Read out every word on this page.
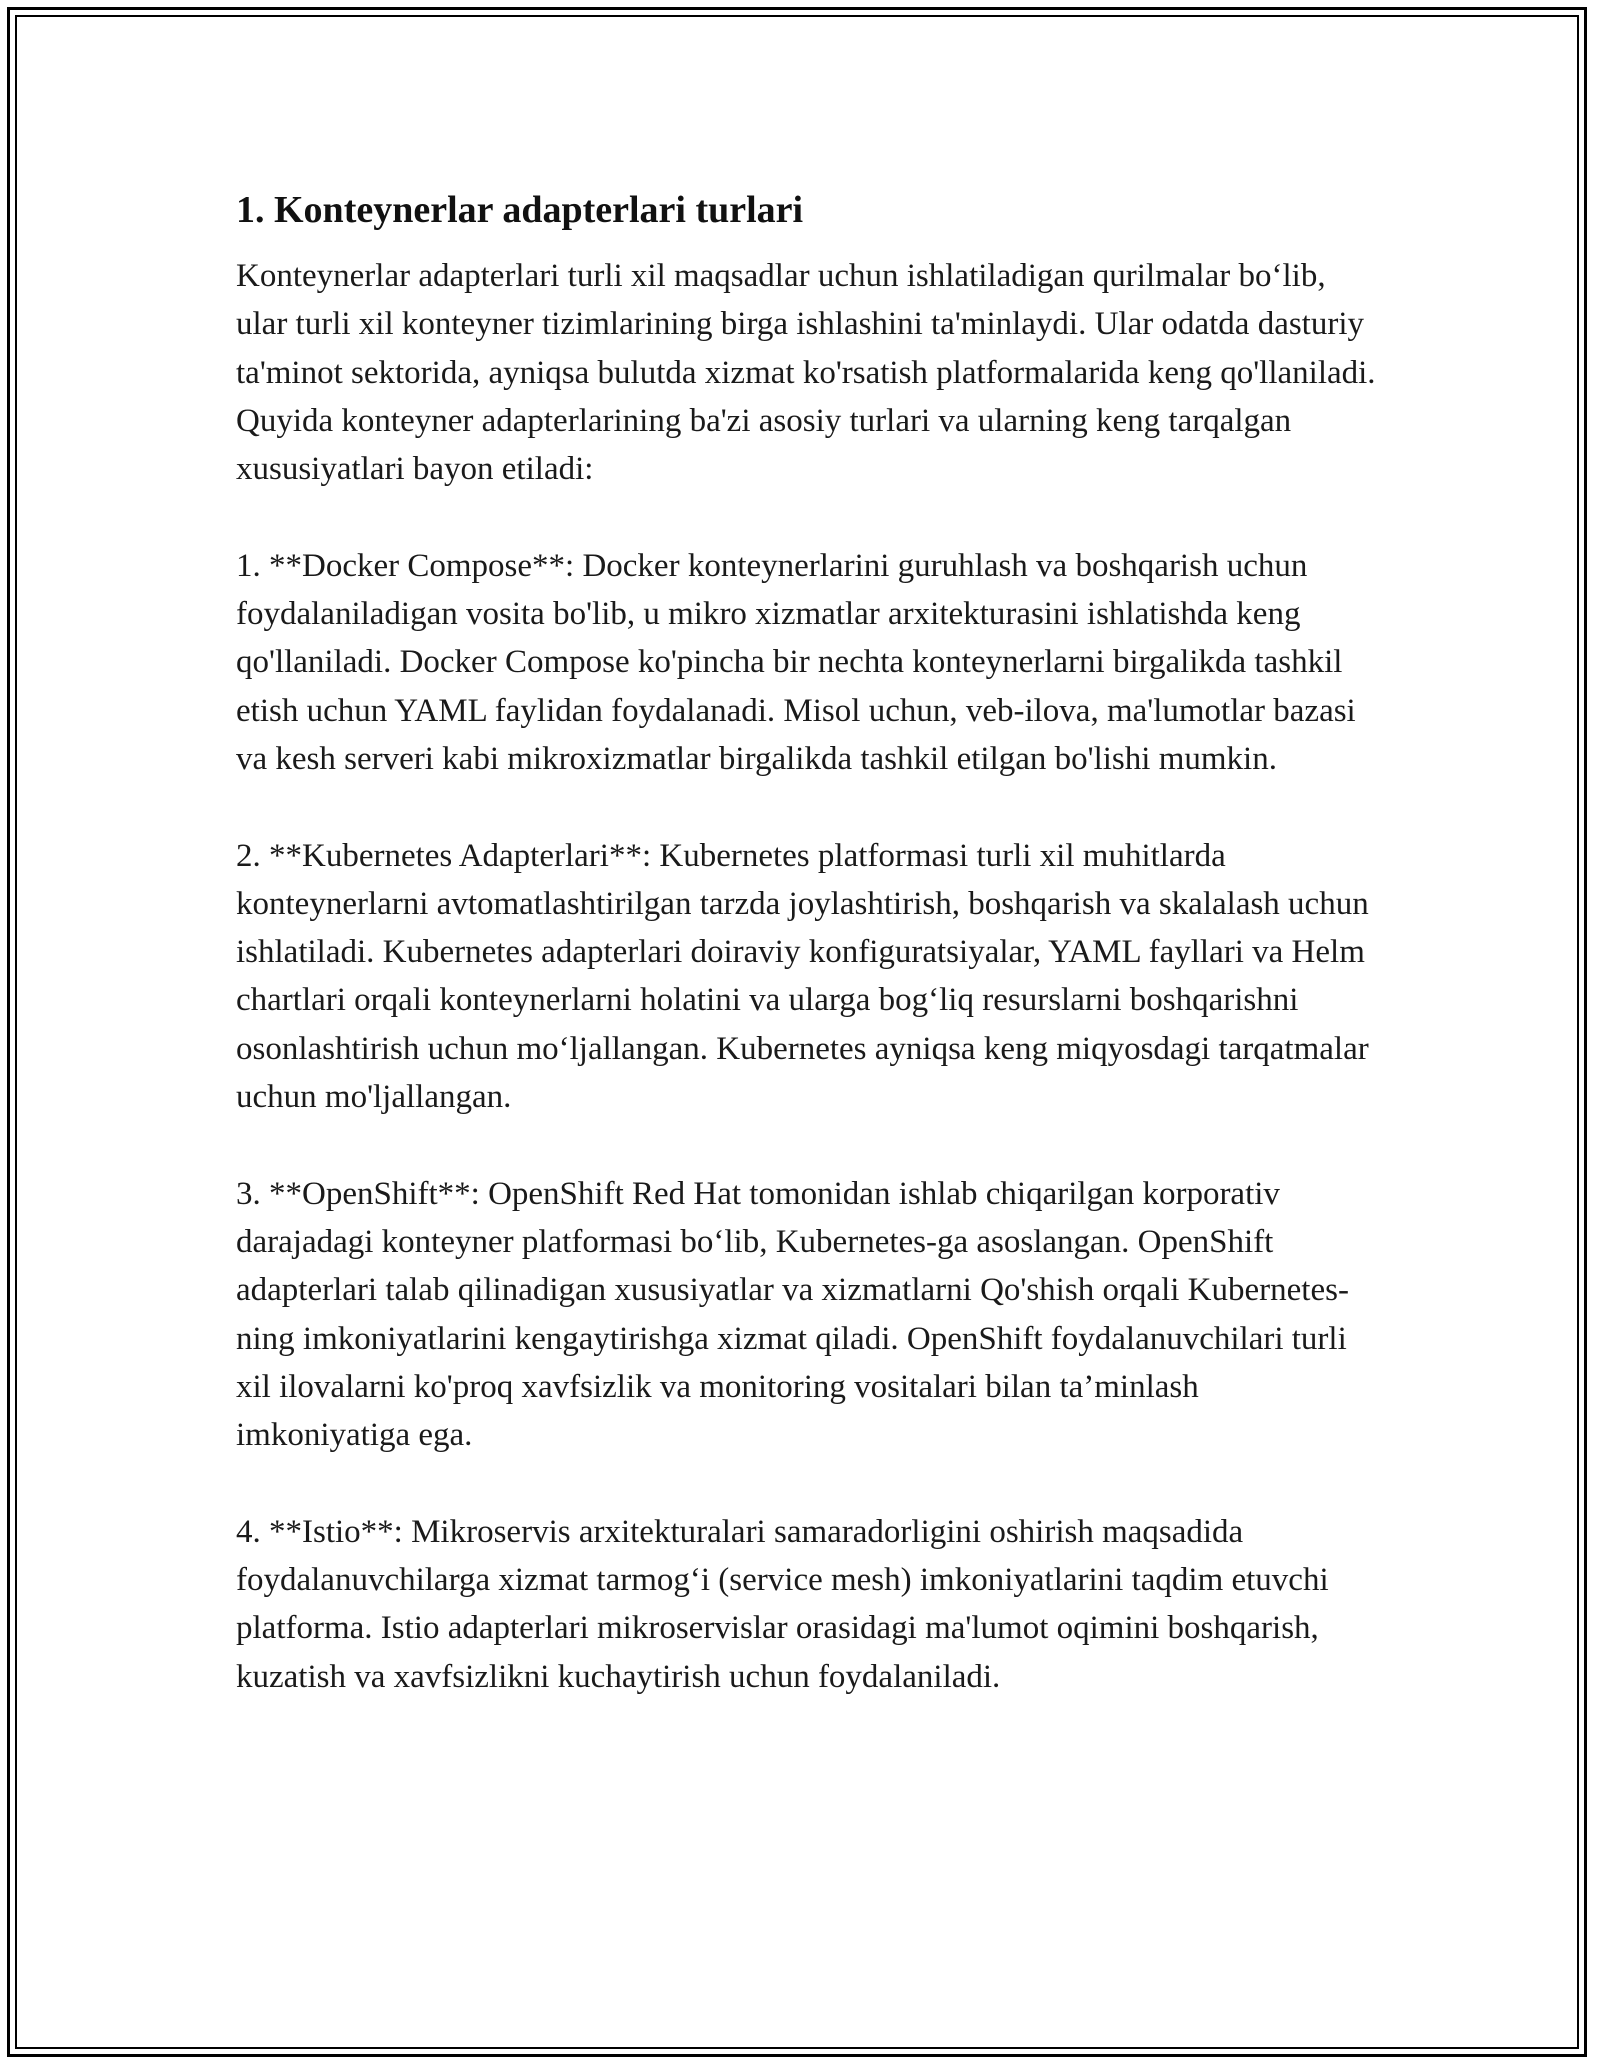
1. Konteynerlar adapterlari turlari

Konteynerlar adapterlari turli xil maqsadlar uchun ishlatiladigan qurilmalar bo‘lib, ular turli xil konteyner tizimlarining birga ishlashini ta'minlaydi. Ular odatda dasturiy ta'minot sektorida, ayniqsa bulutda xizmat ko'rsatish platformalarida keng qo'llaniladi. Quyida konteyner adapterlarining ba'zi asosiy turlari va ularning keng tarqalgan xususiyatlari bayon etiladi:

1. **Docker Compose**: Docker konteynerlarini guruhlash va boshqarish uchun foydalaniladigan vosita bo'lib, u mikro xizmatlar arxitekturasini ishlatishda keng qo'llaniladi. Docker Compose ko'pincha bir nechta konteynerlarni birgalikda tashkil etish uchun YAML faylidan foydalanadi. Misol uchun, veb-ilova, ma'lumotlar bazasi va kesh serveri kabi mikroxizmatlar birgalikda tashkil etilgan bo'lishi mumkin.

2. **Kubernetes Adapterlari**: Kubernetes platformasi turli xil muhitlarda konteynerlarni avtomatlashtirilgan tarzda joylashtirish, boshqarish va skalalash uchun ishlatiladi. Kubernetes adapterlari doiraviy konfiguratsiyalar, YAML fayllari va Helm chartlari orqali konteynerlarni holatini va ularga bog‘liq resurslarni boshqarishni osonlashtirish uchun mo‘ljallangan. Kubernetes ayniqsa keng miqyosdagi tarqatmalar uchun mo'ljallangan.

3. **OpenShift**: OpenShift Red Hat tomonidan ishlab chiqarilgan korporativ darajadagi konteyner platformasi bo‘lib, Kubernetes-ga asoslangan. OpenShift adapterlari talab qilinadigan xususiyatlar va xizmatlarni Qo'shish orqali Kubernetes-ning imkoniyatlarini kengaytirishga xizmat qiladi. OpenShift foydalanuvchilari turli xil ilovalarni ko'proq xavfsizlik va monitoring vositalari bilan ta’minlash imkoniyatiga ega.

4. **Istio**: Mikroservis arxitekturalari samaradorligini oshirish maqsadida foydalanuvchilarga xizmat tarmog‘i (service mesh) imkoniyatlarini taqdim etuvchi platforma. Istio adapterlari mikroservislar orasidagi ma'lumot oqimini boshqarish, kuzatish va xavfsizlikni kuchaytirish uchun foydalaniladi.
